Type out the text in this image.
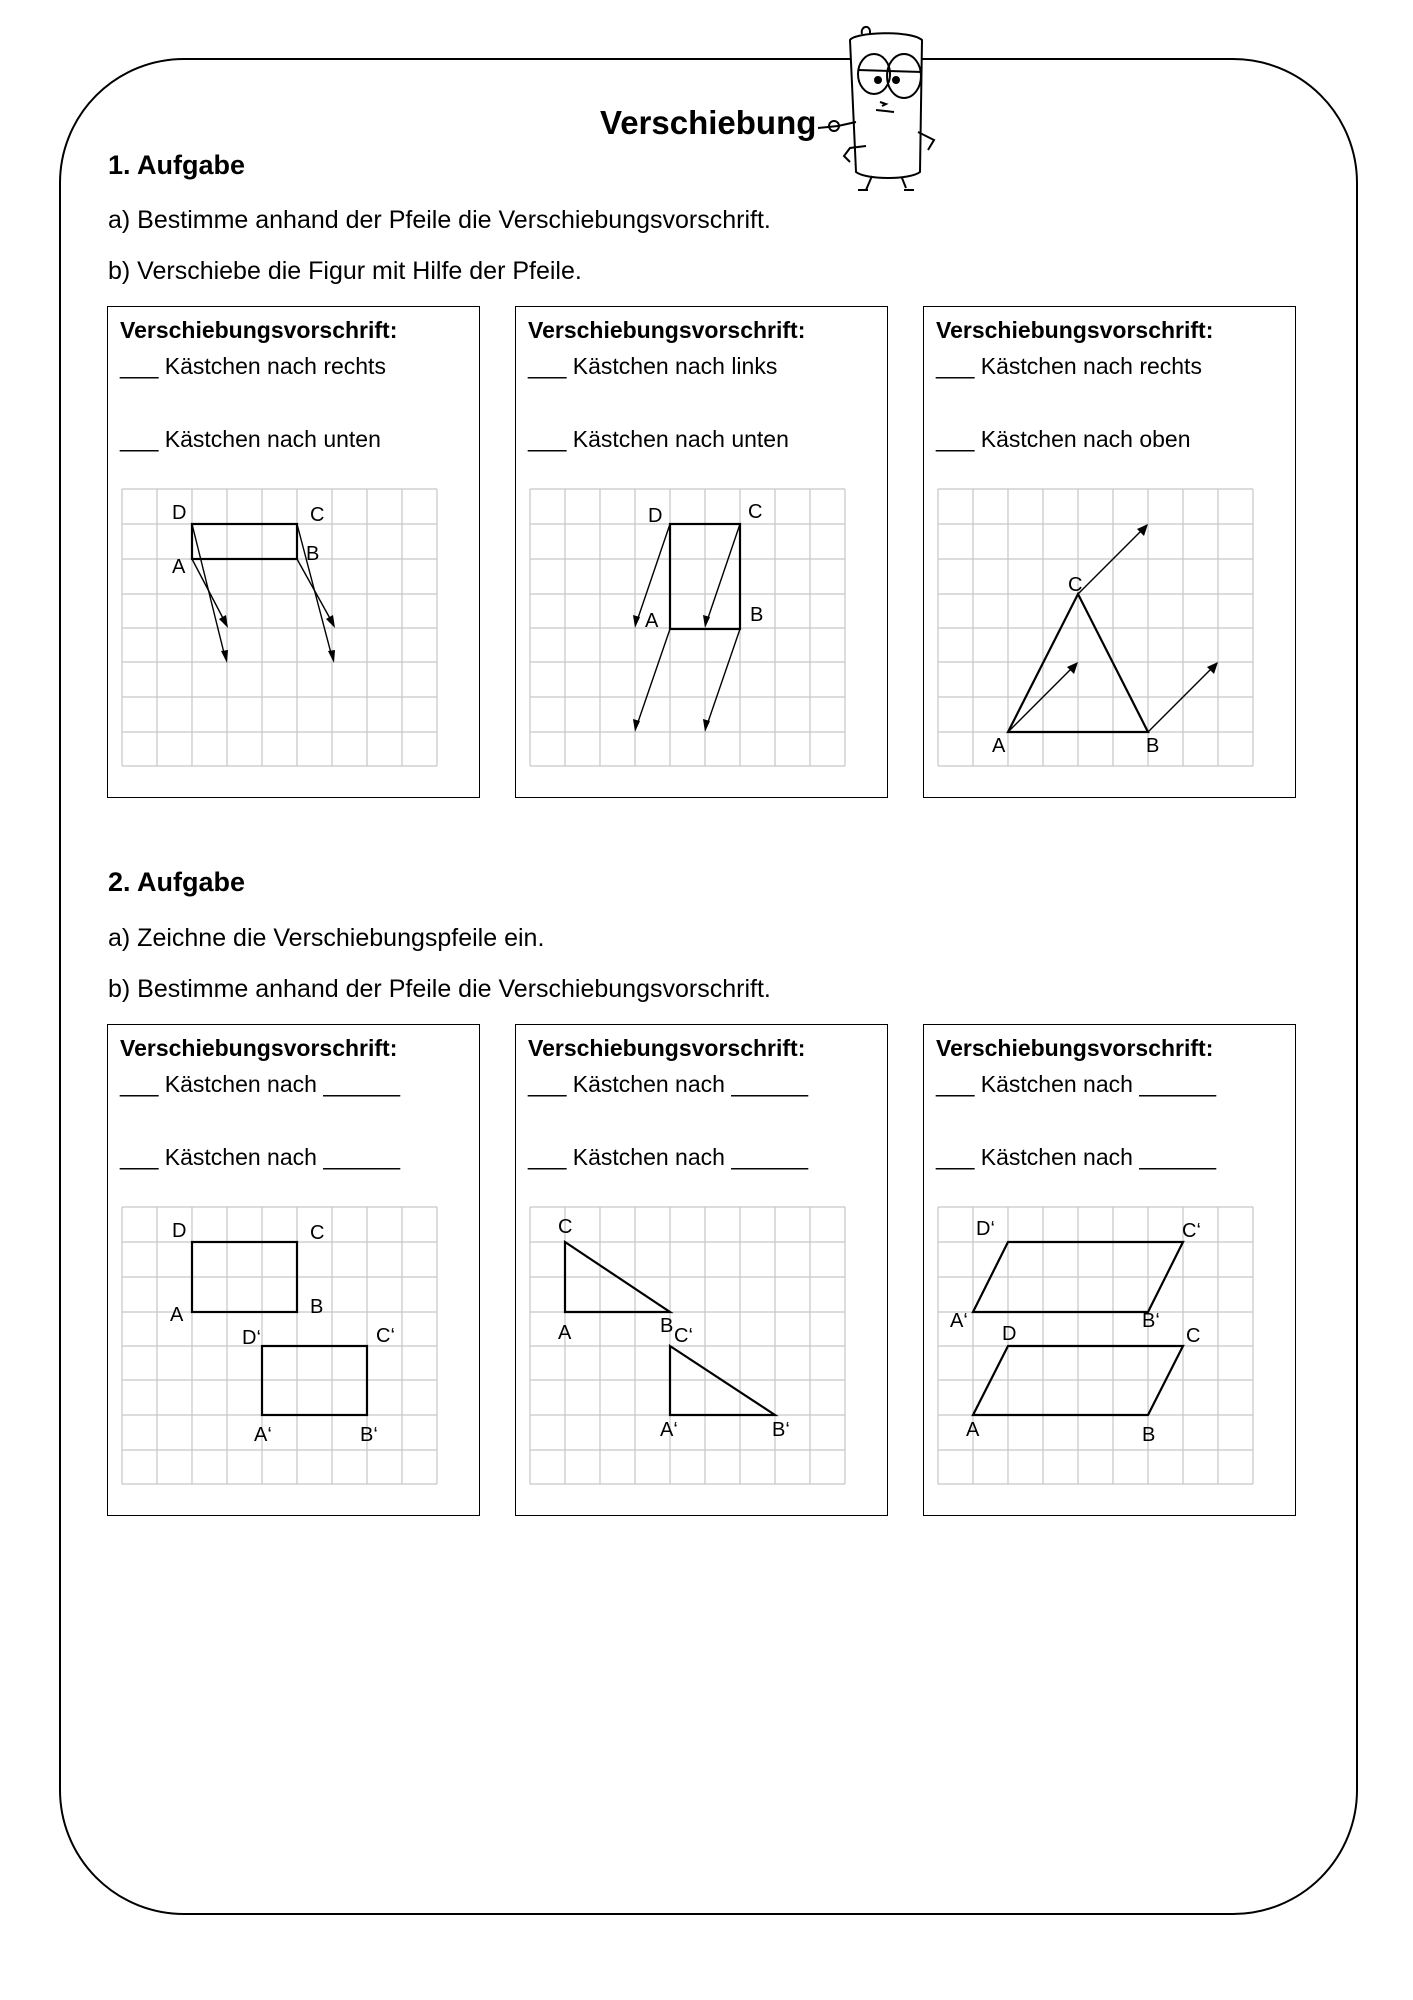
Verschiebung
1. Aufgabe
a) Bestimme anhand der Pfeile die Verschiebungsvorschrift.
b) Verschiebe die Figur mit Hilfe der Pfeile.
Verschiebungsvorschrift:
___ Kästchen nach rechts
___ Kästchen nach unten
D	C
A
B
Verschiebungsvorschrift:
___ Kästchen nach links
___ Kästchen nach unten
D	C
A	B
Verschiebungsvorschrift:
___ Kästchen nach rechts
___ Kästchen nach oben
C
A	B
2. Aufgabe
a) Zeichne die Verschiebungspfeile ein.
b) Bestimme anhand der Pfeile die Verschiebungsvorschrift.
Verschiebungsvorschrift:
___ Kästchen nach ______
___ Kästchen nach ______
D	C
A	B
D‘	C‘
A‘	B‘
Verschiebungsvorschrift:
___ Kästchen nach ______
___ Kästchen nach ______
C
A	B C‘
A‘	B‘
Verschiebungsvorschrift:
___ Kästchen nach ______
___ Kästchen nach ______
D‘	C‘
A‘	B‘
D	C
A	B
